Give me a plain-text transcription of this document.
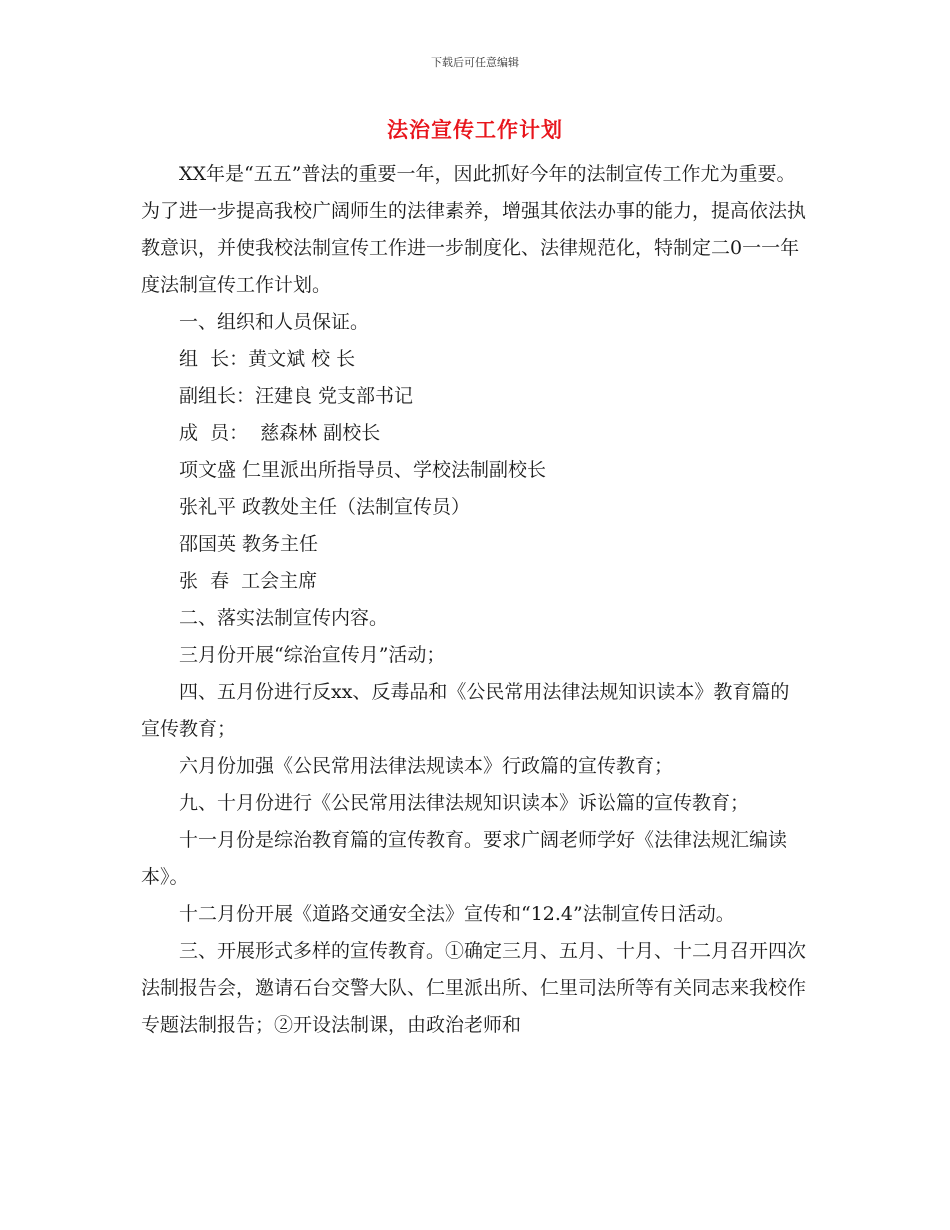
下载后可任意编辑
法治宣传工作计划

XX年是“五五”普法的重要一年，因此抓好今年的法制宣传工作尤为重要。为了进一步提高我校广阔师生的法律素养，增强其依法办事的能力，提高依法执教意识，并使我校法制宣传工作进一步制度化、法律规范化，特制定二0一一年度法制宣传工作计划。

一、组织和人员保证。

组  长：黄文斌 校 长

副组长：汪建良 党支部书记

成  员：  慈森林 副校长

项文盛 仁里派出所指导员、学校法制副校长

张礼平 政教处主任（法制宣传员）

邵国英 教务主任

张  春  工会主席

二、落实法制宣传内容。

三月份开展“综治宣传月”活动；

四、五月份进行反xx、反毒品和《公民常用法律法规知识读本》教育篇的宣传教育；

六月份加强《公民常用法律法规读本》行政篇的宣传教育；

九、十月份进行《公民常用法律法规知识读本》诉讼篇的宣传教育；

十一月份是综治教育篇的宣传教育。要求广阔老师学好《法律法规汇编读本》。

十二月份开展《道路交通安全法》宣传和“12.4”法制宣传日活动。

三、开展形式多样的宣传教育。①确定三月、五月、十月、十二月召开四次法制报告会，邀请石台交警大队、仁里派出所、仁里司法所等有关同志来我校作专题法制报告；②开设法制课，由政治老师和
